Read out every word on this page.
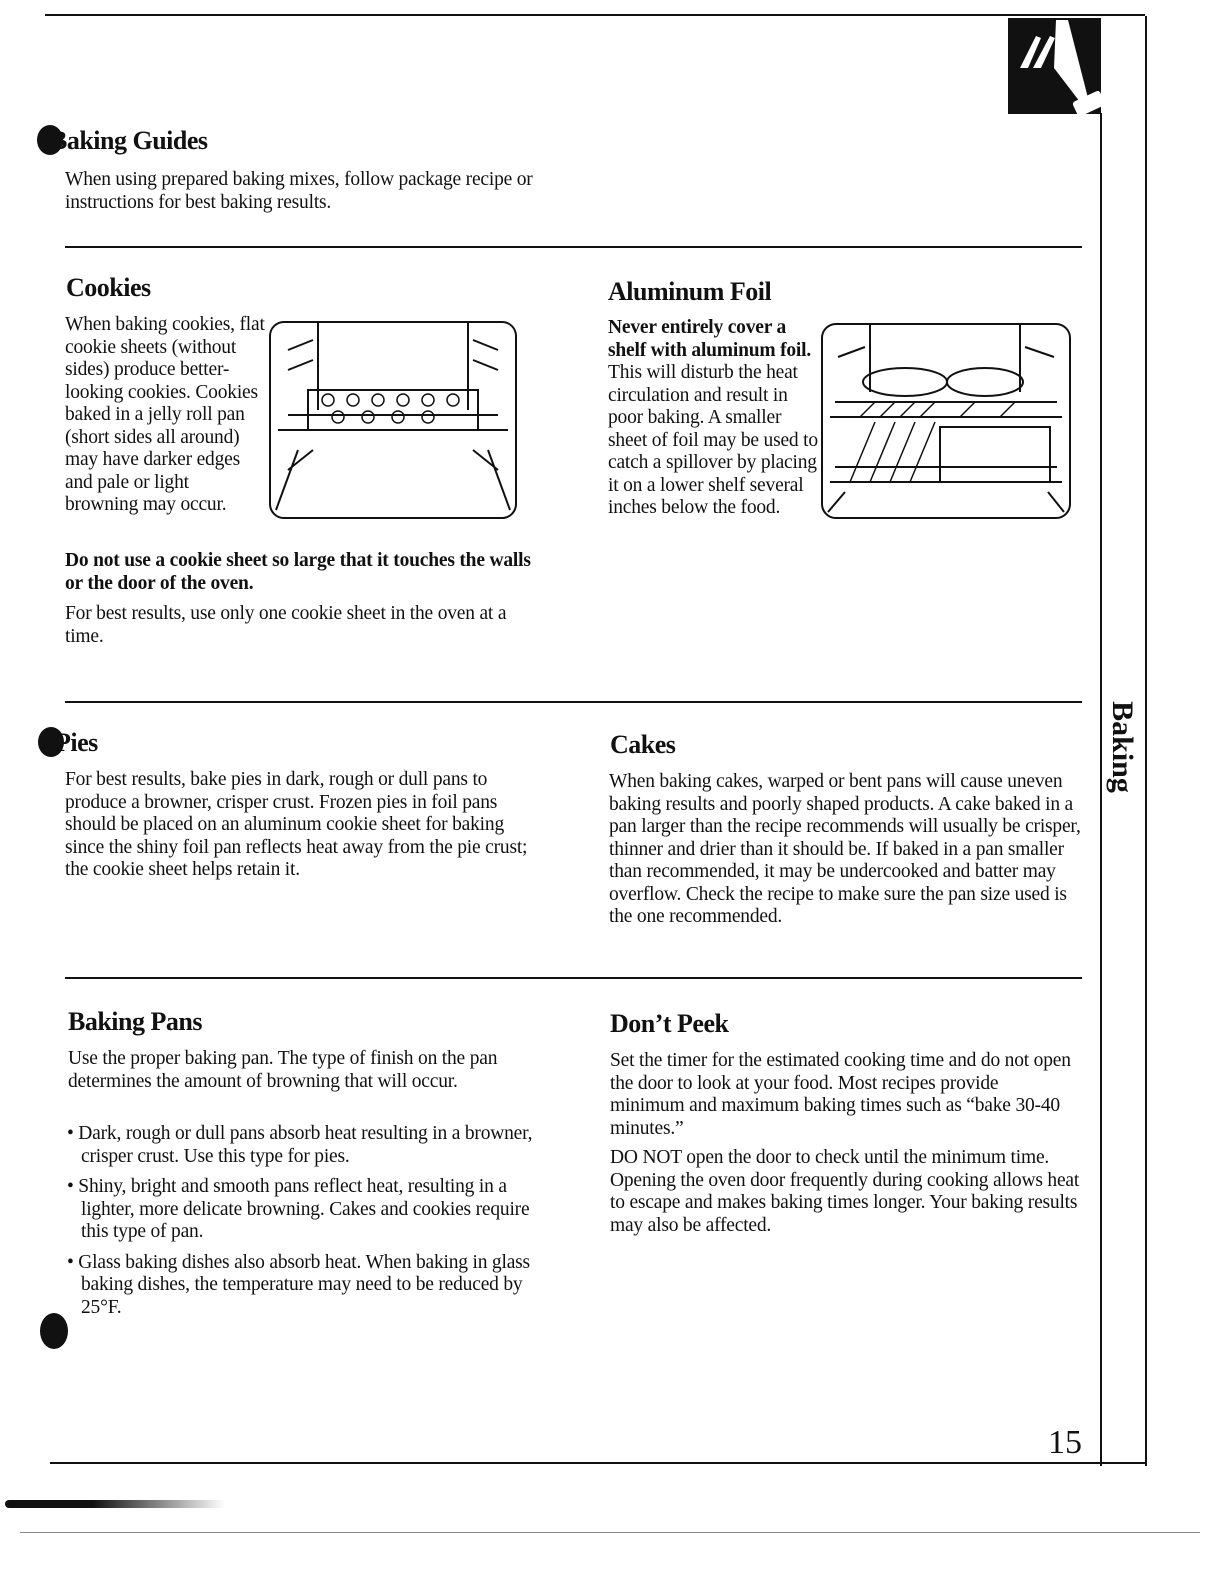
Baking
Baking Guides

When using prepared baking mixes, follow package recipe or instructions for best baking results.

Cookies

When baking cookies, flat cookie sheets (without sides) produce better-looking cookies. Cookies baked in a jelly roll pan (short sides all around) may have darker edges and pale or light browning may occur.

Do not use a cookie sheet so large that it touches the walls or the door of the oven.

For best results, use only one cookie sheet in the oven at a time.

Aluminum Foil

Never entirely cover a shelf with aluminum foil. This will disturb the heat circulation and result in poor baking. A smaller sheet of foil may be used to catch a spillover by placing it on a lower shelf several inches below the food.

Pies

For best results, bake pies in dark, rough or dull pans to produce a browner, crisper crust. Frozen pies in foil pans should be placed on an aluminum cookie sheet for baking since the shiny foil pan reflects heat away from the pie crust; the cookie sheet helps retain it.

Cakes

When baking cakes, warped or bent pans will cause uneven baking results and poorly shaped products. A cake baked in a pan larger than the recipe recommends will usually be crisper, thinner and drier than it should be. If baked in a pan smaller than recommended, it may be undercooked and batter may overflow. Check the recipe to make sure the pan size used is the one recommended.

Baking Pans

Use the proper baking pan. The type of finish on the pan determines the amount of browning that will occur.

• Dark, rough or dull pans absorb heat resulting in a browner, crisper crust. Use this type for pies.
• Shiny, bright and smooth pans reflect heat, resulting in a lighter, more delicate browning. Cakes and cookies require this type of pan.
• Glass baking dishes also absorb heat. When baking in glass baking dishes, the temperature may need to be reduced by 25°F.
Don’t Peek

Set the timer for the estimated cooking time and do not open the door to look at your food. Most recipes provide minimum and maximum baking times such as “bake 30-40 minutes.”

DO NOT open the door to check until the minimum time. Opening the oven door frequently during cooking allows heat to escape and makes baking times longer. Your baking results may also be affected.

15
